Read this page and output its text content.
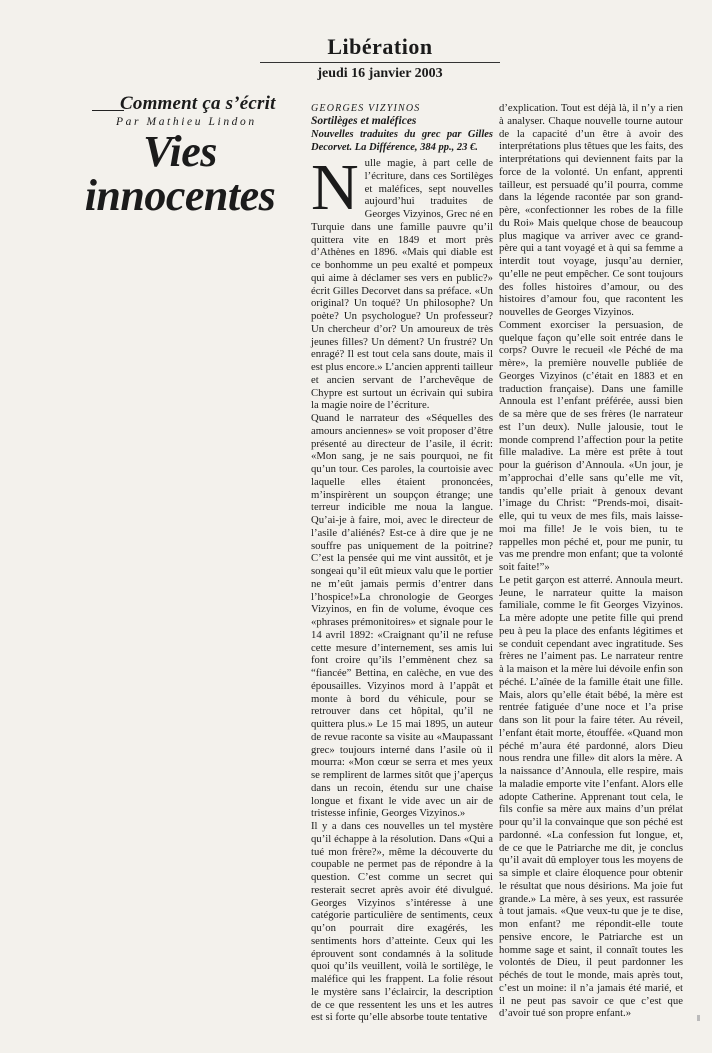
Libération
jeudi 16 janvier 2003
Comment ça s’écrit
Par Mathieu Lindon
Vies
innocentes

GEORGES VIZYINOS

Sortilèges et maléfices

Nouvelles traduites du grec par Gilles Decorvet. La Différence, 384 pp., 23 €.

Nulle magie, à part celle de l’écriture, dans ces Sortilèges et maléfices, sept nouvelles aujourd’hui traduites de Georges Vizyinos, Grec né en Turquie dans une famille pauvre qu’il quittera vite en 1849 et mort près d’Athènes en 1896. «Mais qui diable est ce bonhomme un peu exalté et pompeux qui aime à déclamer ses vers en public?» écrit Gilles Decorvet dans sa préface. «Un original? Un toqué? Un philosophe? Un poète? Un psychologue? Un professeur? Un chercheur d’or? Un amoureux de très jeunes filles? Un dément? Un frustré? Un enragé? Il est tout cela sans doute, mais il est plus encore.» L’ancien apprenti tailleur et ancien servant de l’archevêque de Chypre est surtout un écrivain qui subira la magie noire de l’écriture.

Quand le narrateur des «Séquelles des amours anciennes» se voit proposer d’être présenté au directeur de l’asile, il écrit: «Mon sang, je ne sais pourquoi, ne fit qu’un tour. Ces paroles, la courtoisie avec laquelle elles étaient prononcées, m’inspirèrent un soupçon étrange; une terreur indicible me noua la langue. Qu’ai-je à faire, moi, avec le directeur de l’asile d’aliénés? Est-ce à dire que je ne souffre pas uniquement de la poitrine? C’est la pensée qui me vint aussitôt, et je songeai qu’il eût mieux valu que le portier ne m’eût jamais permis d’entrer dans l’hospice!»La chronologie de Georges Vizyinos, en fin de volume, évoque ces «phrases prémonitoires» et signale pour le 14 avril 1892: «Craignant qu’il ne refuse cette mesure d’internement, ses amis lui font croire qu’ils l’emmènent chez sa “fiancée” Bettina, en calèche, en vue des épousailles. Vizyinos mord à l’appât et monte à bord du véhicule, pour se retrouver dans cet hôpital, qu’il ne quittera plus.» Le 15 mai 1895, un auteur de revue raconte sa visite au «Maupassant grec» toujours interné dans l’asile où il mourra: «Mon cœur se serra et mes yeux se remplirent de larmes sitôt que j’aperçus dans un recoin, étendu sur une chaise longue et fixant le vide avec un air de tristesse infinie, Georges Vizyinos.»

Il y a dans ces nouvelles un tel mystère qu’il échappe à la résolution. Dans «Qui a tué mon frère?», même la découverte du coupable ne permet pas de répondre à la question. C’est comme un secret qui resterait secret après avoir été divulgué. Georges Vizyinos s’intéresse à une catégorie particulière de sentiments, ceux qu’on pourrait dire exagérés, les sentiments hors d’atteinte. Ceux qui les éprouvent sont condamnés à la solitude quoi qu’ils veuillent, voilà le sortilège, le maléfice qui les frappent. La folie résout le mystère sans l’éclaircir, la description de ce que ressentent les uns et les autres est si forte qu’elle absorbe toute tentative

d’explication. Tout est déjà là, il n’y a rien à analyser. Chaque nouvelle tourne autour de la capacité d’un être à avoir des interprétations plus têtues que les faits, des interprétations qui deviennent faits par la force de la volonté. Un enfant, apprenti tailleur, est persuadé qu’il pourra, comme dans la légende racontée par son grand-père, «confectionner les robes de la fille du Roi» Mais quelque chose de beaucoup plus magique va arriver avec ce grand-père qui a tant voyagé et à qui sa femme a interdit tout voyage, jusqu’au dernier, qu’elle ne peut empêcher. Ce sont toujours des folles histoires d’amour, ou des histoires d’amour fou, que racontent les nouvelles de Georges Vizyinos.

Comment exorciser la persuasion, de quelque façon qu’elle soit entrée dans le corps? Ouvre le recueil «le Péché de ma mère», la première nouvelle publiée de Georges Vizyinos (c’était en 1883 et en traduction française). Dans une famille Annoula est l’enfant préférée, aussi bien de sa mère que de ses frères (le narrateur est l’un deux). Nulle jalousie, tout le monde comprend l’affection pour la petite fille maladive. La mère est prête à tout pour la guérison d’Annoula. «Un jour, je m’approchai d’elle sans qu’elle me vît, tandis qu’elle priait à genoux devant l’image du Christ: “Prends-moi, disait-elle, qui tu veux de mes fils, mais laisse-moi ma fille! Je le vois bien, tu te rappelles mon péché et, pour me punir, tu vas me prendre mon enfant; que ta volonté soit faite!”»

Le petit garçon est atterré. Annoula meurt. Jeune, le narrateur quitte la maison familiale, comme le fit Georges Vizyinos. La mère adopte une petite fille qui prend peu à peu la place des enfants légitimes et se conduit cependant avec ingratitude. Ses frères ne l’aiment pas. Le narrateur rentre à la maison et la mère lui dévoile enfin son péché. L’aînée de la famille était une fille. Mais, alors qu’elle était bébé, la mère est rentrée fatiguée d’une noce et l’a prise dans son lit pour la faire téter. Au réveil, l’enfant était morte, étouffée. «Quand mon péché m’aura été pardonné, alors Dieu nous rendra une fille» dit alors la mère. A la naissance d’Annoula, elle respire, mais la maladie emporte vite l’enfant. Alors elle adopte Catherine. Apprenant tout cela, le fils confie sa mère aux mains d’un prélat pour qu’il la convainque que son péché est pardonné. «La confession fut longue, et, de ce que le Patriarche me dit, je conclus qu’il avait dû employer tous les moyens de sa simple et claire éloquence pour obtenir le résultat que nous désirions. Ma joie fut grande.» La mère, à ses yeux, est rassurée à tout jamais. «Que veux-tu que je te dise, mon enfant? me répondit-elle toute pensive encore, le Patriarche est un homme sage et saint, il connaît toutes les volontés de Dieu, il peut pardonner les péchés de tout le monde, mais après tout, c’est un moine: il n’a jamais été marié, et il ne peut pas savoir ce que c’est que d’avoir tué son propre enfant.»
